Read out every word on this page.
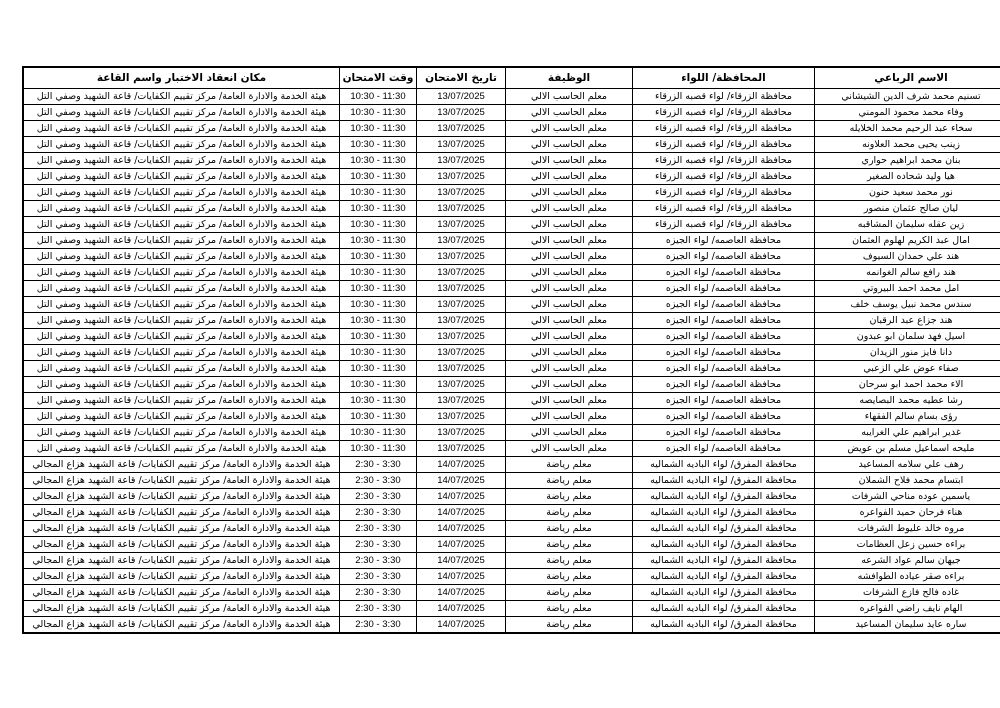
الاسم الرباعي	المحافظة/ اللواء	الوظيفة	تاريخ الامتحان	وقت الامتحان	مكان انعقاد الاختبار واسم القاعة
تسنيم محمد شرف الدين الشيشاني	محافظة الزرقاء/ لواء قصبه الزرقاء	معلم الحاسب الالي	13/07/2025	10:30 - 11:30	هيئة الخدمة والادارة العامة/ مركز تقييم الكفايات/ قاعة الشهيد وصفي التل
وفاء محمد محمود المومني	محافظة الزرقاء/ لواء قصبه الزرقاء	معلم الحاسب الالي	13/07/2025	10:30 - 11:30	هيئة الخدمة والادارة العامة/ مركز تقييم الكفايات/ قاعة الشهيد وصفي التل
سخاء عبد الرحيم محمد الخلايله	محافظة الزرقاء/ لواء قصبه الزرقاء	معلم الحاسب الالي	13/07/2025	10:30 - 11:30	هيئة الخدمة والادارة العامة/ مركز تقييم الكفايات/ قاعة الشهيد وصفي التل
زينب يحيى محمد العلاونه	محافظة الزرقاء/ لواء قصبه الزرقاء	معلم الحاسب الالي	13/07/2025	10:30 - 11:30	هيئة الخدمة والادارة العامة/ مركز تقييم الكفايات/ قاعة الشهيد وصفي التل
بنان محمد ابراهيم حواري	محافظة الزرقاء/ لواء قصبه الزرقاء	معلم الحاسب الالي	13/07/2025	10:30 - 11:30	هيئة الخدمة والادارة العامة/ مركز تقييم الكفايات/ قاعة الشهيد وصفي التل
هيا وليد شحاده الصغير	محافظة الزرقاء/ لواء قصبه الزرقاء	معلم الحاسب الالي	13/07/2025	10:30 - 11:30	هيئة الخدمة والادارة العامة/ مركز تقييم الكفايات/ قاعة الشهيد وصفي التل
نور محمد سعيد حنون	محافظة الزرقاء/ لواء قصبه الزرقاء	معلم الحاسب الالي	13/07/2025	10:30 - 11:30	هيئة الخدمة والادارة العامة/ مركز تقييم الكفايات/ قاعة الشهيد وصفي التل
ليان صالح عثمان منصور	محافظة الزرقاء/ لواء قصبه الزرقاء	معلم الحاسب الالي	13/07/2025	10:30 - 11:30	هيئة الخدمة والادارة العامة/ مركز تقييم الكفايات/ قاعة الشهيد وصفي التل
زين عقله سليمان المشاقبه	محافظة الزرقاء/ لواء قصبه الزرقاء	معلم الحاسب الالي	13/07/2025	10:30 - 11:30	هيئة الخدمة والادارة العامة/ مركز تقييم الكفايات/ قاعة الشهيد وصفي التل
امال عبد الكريم لهلوم العثمان	محافظة العاصمه/ لواء الجيزه	معلم الحاسب الالي	13/07/2025	10:30 - 11:30	هيئة الخدمة والادارة العامة/ مركز تقييم الكفايات/ قاعة الشهيد وصفي التل
هند علي حمدان السيوف	محافظة العاصمه/ لواء الجيزه	معلم الحاسب الالي	13/07/2025	10:30 - 11:30	هيئة الخدمة والادارة العامة/ مركز تقييم الكفايات/ قاعة الشهيد وصفي التل
هند رافع سالم الغوانمه	محافظة العاصمه/ لواء الجيزه	معلم الحاسب الالي	13/07/2025	10:30 - 11:30	هيئة الخدمة والادارة العامة/ مركز تقييم الكفايات/ قاعة الشهيد وصفي التل
امل محمد احمد البيروتي	محافظة العاصمه/ لواء الجيزه	معلم الحاسب الالي	13/07/2025	10:30 - 11:30	هيئة الخدمة والادارة العامة/ مركز تقييم الكفايات/ قاعة الشهيد وصفي التل
سندس محمد نبيل يوسف خلف	محافظة العاصمه/ لواء الجيزه	معلم الحاسب الالي	13/07/2025	10:30 - 11:30	هيئة الخدمة والادارة العامة/ مركز تقييم الكفايات/ قاعة الشهيد وصفي التل
هند جزاع عبد الرقبان	محافظة العاصمه/ لواء الجيزه	معلم الحاسب الالي	13/07/2025	10:30 - 11:30	هيئة الخدمة والادارة العامة/ مركز تقييم الكفايات/ قاعة الشهيد وصفي التل
اسيل فهد سلمان ابو عبدون	محافظة العاصمه/ لواء الجيزه	معلم الحاسب الالي	13/07/2025	10:30 - 11:30	هيئة الخدمة والادارة العامة/ مركز تقييم الكفايات/ قاعة الشهيد وصفي التل
دانا فايز منور الزيدان	محافظة العاصمه/ لواء الجيزه	معلم الحاسب الالي	13/07/2025	10:30 - 11:30	هيئة الخدمة والادارة العامة/ مركز تقييم الكفايات/ قاعة الشهيد وصفي التل
صفاء عوض علي الزعبي	محافظة العاصمه/ لواء الجيزه	معلم الحاسب الالي	13/07/2025	10:30 - 11:30	هيئة الخدمة والادارة العامة/ مركز تقييم الكفايات/ قاعة الشهيد وصفي التل
الاء محمد احمد ابو سرحان	محافظة العاصمه/ لواء الجيزه	معلم الحاسب الالي	13/07/2025	10:30 - 11:30	هيئة الخدمة والادارة العامة/ مركز تقييم الكفايات/ قاعة الشهيد وصفي التل
رشا عطيه محمد البصايصه	محافظة العاصمه/ لواء الجيزه	معلم الحاسب الالي	13/07/2025	10:30 - 11:30	هيئة الخدمة والادارة العامة/ مركز تقييم الكفايات/ قاعة الشهيد وصفي التل
رؤى بسام سالم الفقهاء	محافظة العاصمه/ لواء الجيزه	معلم الحاسب الالي	13/07/2025	10:30 - 11:30	هيئة الخدمة والادارة العامة/ مركز تقييم الكفايات/ قاعة الشهيد وصفي التل
غدير ابراهيم علي الغرايبه	محافظة العاصمه/ لواء الجيزه	معلم الحاسب الالي	13/07/2025	10:30 - 11:30	هيئة الخدمة والادارة العامة/ مركز تقييم الكفايات/ قاعة الشهيد وصفي التل
مليحه اسماعيل مسلم بن عويض	محافظة العاصمه/ لواء الجيزه	معلم الحاسب الالي	13/07/2025	10:30 - 11:30	هيئة الخدمة والادارة العامة/ مركز تقييم الكفايات/ قاعة الشهيد وصفي التل
رهف علي سلامه المساعيد	محافظة المفرق/ لواء الباديه الشماليه	معلم رياضة	14/07/2025	2:30 - 3:30	هيئة الخدمة والادارة العامة/ مركز تقييم الكفايات/ قاعة الشهيد هزاع المجالي
ابتسام محمد فلاح الشملان	محافظة المفرق/ لواء الباديه الشماليه	معلم رياضة	14/07/2025	2:30 - 3:30	هيئة الخدمة والادارة العامة/ مركز تقييم الكفايات/ قاعة الشهيد هزاع المجالي
ياسمين عوده مناحي الشرفات	محافظة المفرق/ لواء الباديه الشماليه	معلم رياضة	14/07/2025	2:30 - 3:30	هيئة الخدمة والادارة العامة/ مركز تقييم الكفايات/ قاعة الشهيد هزاع المجالي
هناء فرحان حميد الفواعره	محافظة المفرق/ لواء الباديه الشماليه	معلم رياضة	14/07/2025	2:30 - 3:30	هيئة الخدمة والادارة العامة/ مركز تقييم الكفايات/ قاعة الشهيد هزاع المجالي
مروه خالد عليوط الشرفات	محافظة المفرق/ لواء الباديه الشماليه	معلم رياضة	14/07/2025	2:30 - 3:30	هيئة الخدمة والادارة العامة/ مركز تقييم الكفايات/ قاعة الشهيد هزاع المجالي
براءه حسين زعل العظامات	محافظة المفرق/ لواء الباديه الشماليه	معلم رياضة	14/07/2025	2:30 - 3:30	هيئة الخدمة والادارة العامة/ مركز تقييم الكفايات/ قاعة الشهيد هزاع المجالي
جيهان سالم عواد الشرعه	محافظة المفرق/ لواء الباديه الشماليه	معلم رياضة	14/07/2025	2:30 - 3:30	هيئة الخدمة والادارة العامة/ مركز تقييم الكفايات/ قاعة الشهيد هزاع المجالي
براءه صقر عياده الطوافشه	محافظة المفرق/ لواء الباديه الشماليه	معلم رياضة	14/07/2025	2:30 - 3:30	هيئة الخدمة والادارة العامة/ مركز تقييم الكفايات/ قاعة الشهيد هزاع المجالي
غاده فالح فازع الشرفات	محافظة المفرق/ لواء الباديه الشماليه	معلم رياضة	14/07/2025	2:30 - 3:30	هيئة الخدمة والادارة العامة/ مركز تقييم الكفايات/ قاعة الشهيد هزاع المجالي
الهام نايف راضي الفواعره	محافظة المفرق/ لواء الباديه الشماليه	معلم رياضة	14/07/2025	2:30 - 3:30	هيئة الخدمة والادارة العامة/ مركز تقييم الكفايات/ قاعة الشهيد هزاع المجالي
ساره عايد سليمان المساعيد	محافظة المفرق/ لواء الباديه الشماليه	معلم رياضة	14/07/2025	2:30 - 3:30	هيئة الخدمة والادارة العامة/ مركز تقييم الكفايات/ قاعة الشهيد هزاع المجالي
